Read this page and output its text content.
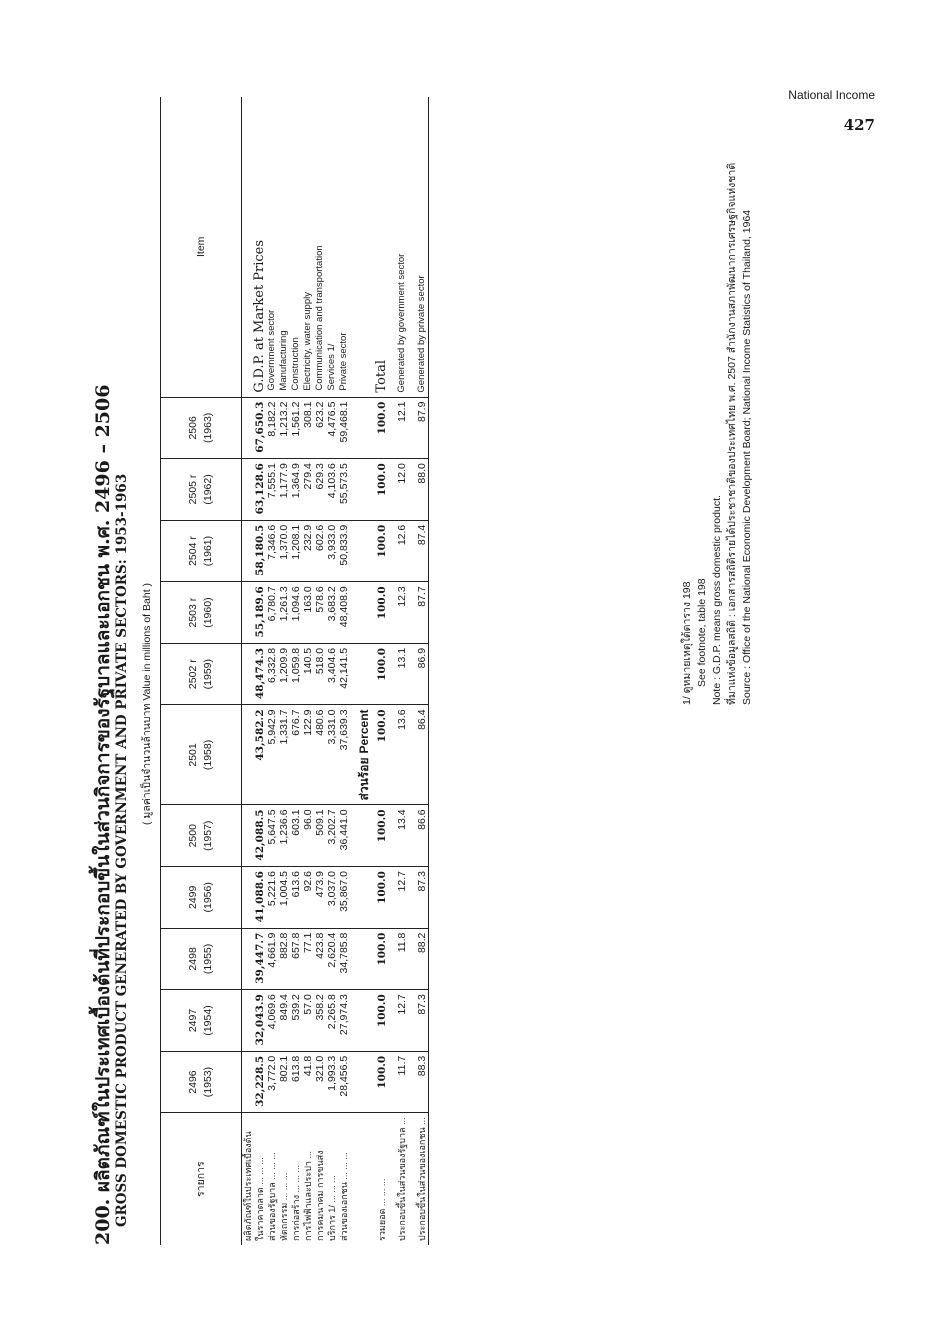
National Income
427
200. ผลิตภัณฑ์ในประเทศเบื้องต้นที่ประกอบขึ้นในส่วนกิจการของรัฐบาลและเอกชน พ.ศ. 2496 – 2506 GROSS DOMESTIC PRODUCT GENERATED BY GOVERNMENT AND PRIVATE SECTORS: 1953-1963 ( มูลค่าเป็นจำนวนล้านบาท Value in millions of Baht )
รายการ	2496 (1953)	2497 (1954)	2498 (1955)	2499 (1956)	2500 (1957)	2501 (1958)	2502 r (1959)	2503 r (1960)	2504 r (1961)	2505 r (1962)	2506 (1963)	Item
ผลิตภัณฑ์ในประเทศเบื้องต้น												
ในราคาตลาด ... ... ...	32,228.5	32,043.9	39,447.7	41,088.6	42,088.5	43,582.2	48,474.3	55,189.6	58,180.5	63,128.6	67,650.3	G.D.P. at Market Prices
ส่วนของรัฐบาล ... ... ...	3,772.0	4,069.6	4,661.9	5,221.6	5,647.5	5,942.9	6,332.8	6,780.7	7,346.6	7,555.1	8,182.2	Government sector
หัตถกรรม ... ... ...	802.1	849.4	882.8	1,004.5	1,236.6	1,331.7	1,209.9	1,261.3	1,370.0	1,177.9	1,213.2	Manufacturing
การก่อสร้าง ... ... ...	613.8	539.2	657.8	613.6	603.1	676.7	1,059.8	1,094.6	1,208.1	1,364.9	1,561.2	Construction
การไฟฟ้าและประปา ...	41.8	57.0	77.1	92.6	96.0	122.9	140.5	163.0	232.9	279.4	308.1	Electricity, water supply
การคมนาคม การขนส่ง	321.0	358.2	423.8	473.9	509.1	480.6	518.0	578.6	602.6	629.3	623.2	Communication and transportation
บริการ 1/ ... ... ...	1,993.3	2,265.8	2,620.4	3,037.0	3,202.7	3,331.0	3,404.6	3,683.2	3,933.0	4,103.6	4,476.5	Services 1/
ส่วนของเอกชน ... ... ...	28,456.5	27,974.3	34,785.8	35,867.0	36,441.0	37,639.3	42,141.5	48,408.9	50,833.9	55,573.5	59,468.1	Private sector

						ส่วนร้อยPercent						
รวมยอด ... ... ...	100.0	100.0	100.0	100.0	100.0	100.0	100.0	100.0	100.0	100.0	100.0	Total

ประกอบขึ้นในส่วนของรัฐบาล ...	11.7	12.7	11.8	12.7	13.4	13.6	13.1	12.3	12.6	12.0	12.1	Generated by government sector

ประกอบขึ้นในส่วนของเอกชน ...	88.3	87.3	88.2	87.3	86.6	86.4	86.9	87.7	87.4	88.0	87.9	Generated by private sector
1/ ดูหมายเหตุใต้ตาราง 198 See footnote, table 198 Note : G.D.P. means gross domestic product. ที่มาแห่งข้อมูลสถิติ : เอกสารสถิติรายได้ประชาชาติของประเทศไทย พ.ศ. 2507 สำนักงานสภาพัฒนาการเศรษฐกิจแห่งชาติ Source : Office of the National Economic Development Board; National Income Statistics of Thailand, 1964
